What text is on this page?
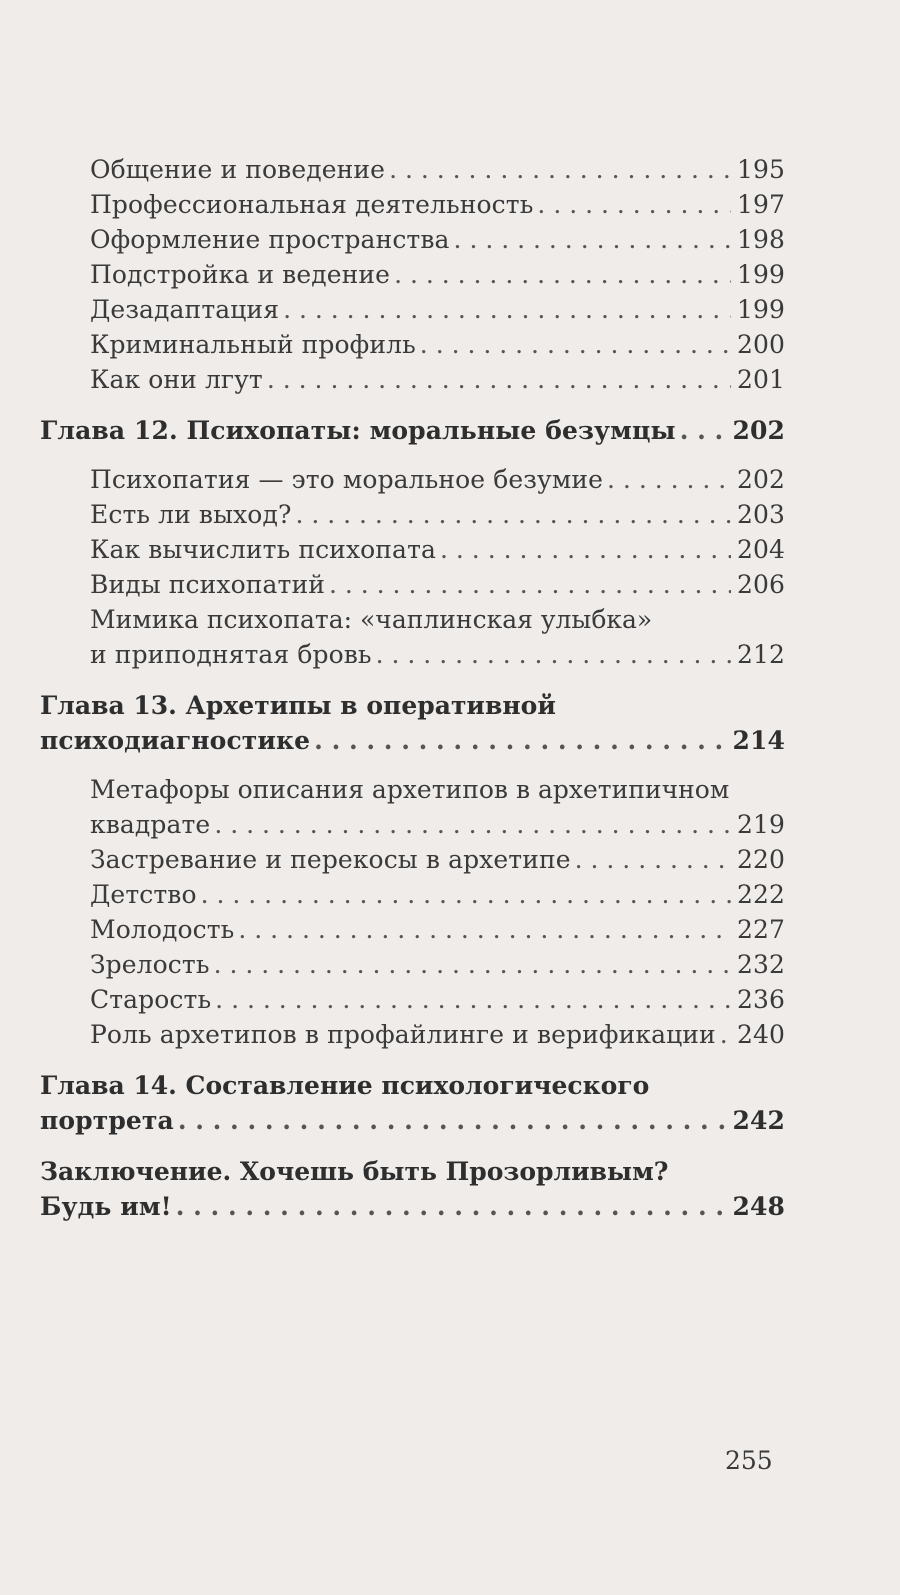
Общение и поведение . . .	195
Профессиональная деятельность . . .	197
Оформление пространства . . .	198
Подстройка и ведение . . .	199
Дезадаптация . . .	199
Криминальный профиль . . .	200
Как они лгут . . .	201
Глава 12. Психопаты: моральные безумцы . . . 202
Психопатия — это моральное безумие . . .	202
Есть ли выход? . . .	203
Как вычислить психопата . . .	204
Виды психопатий . . .	206
Мимика психопата: «чаплинская улыбка»
и приподнятая бровь . . .	212
Глава 13. Архетипы в оперативной
психодиагностике . . .	214
Метафоры описания архетипов в архетипичном
квадрате . . .	219
Застревание и перекосы в архетипе . . .	220
Детство . . .	222
Молодость . . .	227
Зрелость . . .	232
Старость . . .	236
Роль архетипов в профайлинге и верификации . . . 240
Глава 14. Составление психологического
портрета . . .	242
Заключение. Хочешь быть Прозорливым?
Будь им! . . .	248
255
